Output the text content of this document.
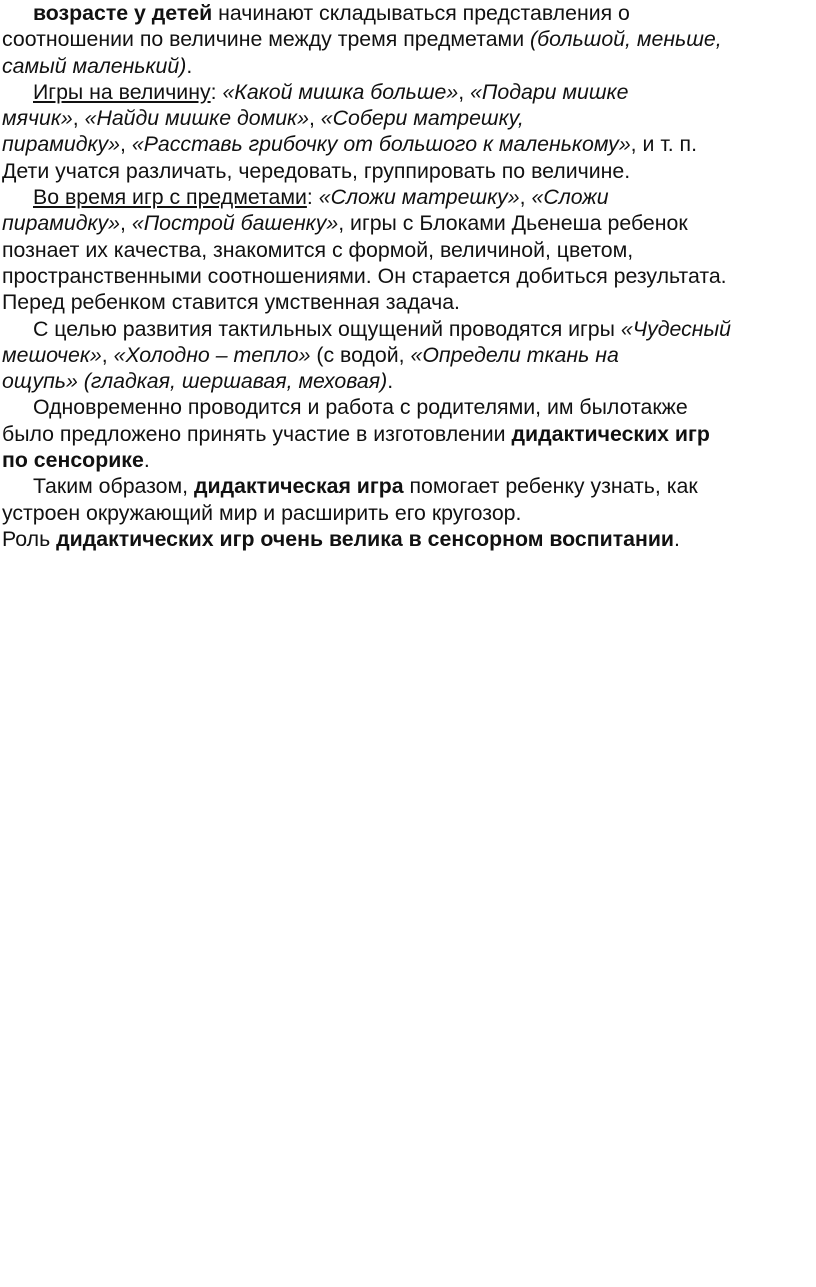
возрасте у детей начинают складываться представления о
соотношении по величине между тремя предметами (большой, меньше,
самый маленький).
Игры на величину: «Какой мишка больше», «Подари мишке
мячик», «Найди мишке домик», «Собери матрешку,
пирамидку», «Расставь грибочку от большого к маленькому», и т. п.
Дети учатся различать, чередовать, группировать по величине.
Во время игр с предметами: «Сложи матрешку», «Сложи
пирамидку», «Построй башенку», игры с Блоками Дьенеша ребенок
познает их качества, знакомится с формой, величиной, цветом,
пространственными соотношениями. Он старается добиться результата.
Перед ребенком ставится умственная задача.
С целью развития тактильных ощущений проводятся игры «Чудесный
мешочек», «Холодно – тепло» (с водой, «Определи ткань на
ощупь» (гладкая, шершавая, меховая).
Одновременно проводится и работа с родителями, им былотакже
было предложено принять участие в изготовлении дидактических игр
по сенсорике.
Таким образом, дидактическая игра помогает ребенку узнать, как
устроен окружающий мир и расширить его кругозор.
Роль дидактических игр очень велика в сенсорном воспитании.
